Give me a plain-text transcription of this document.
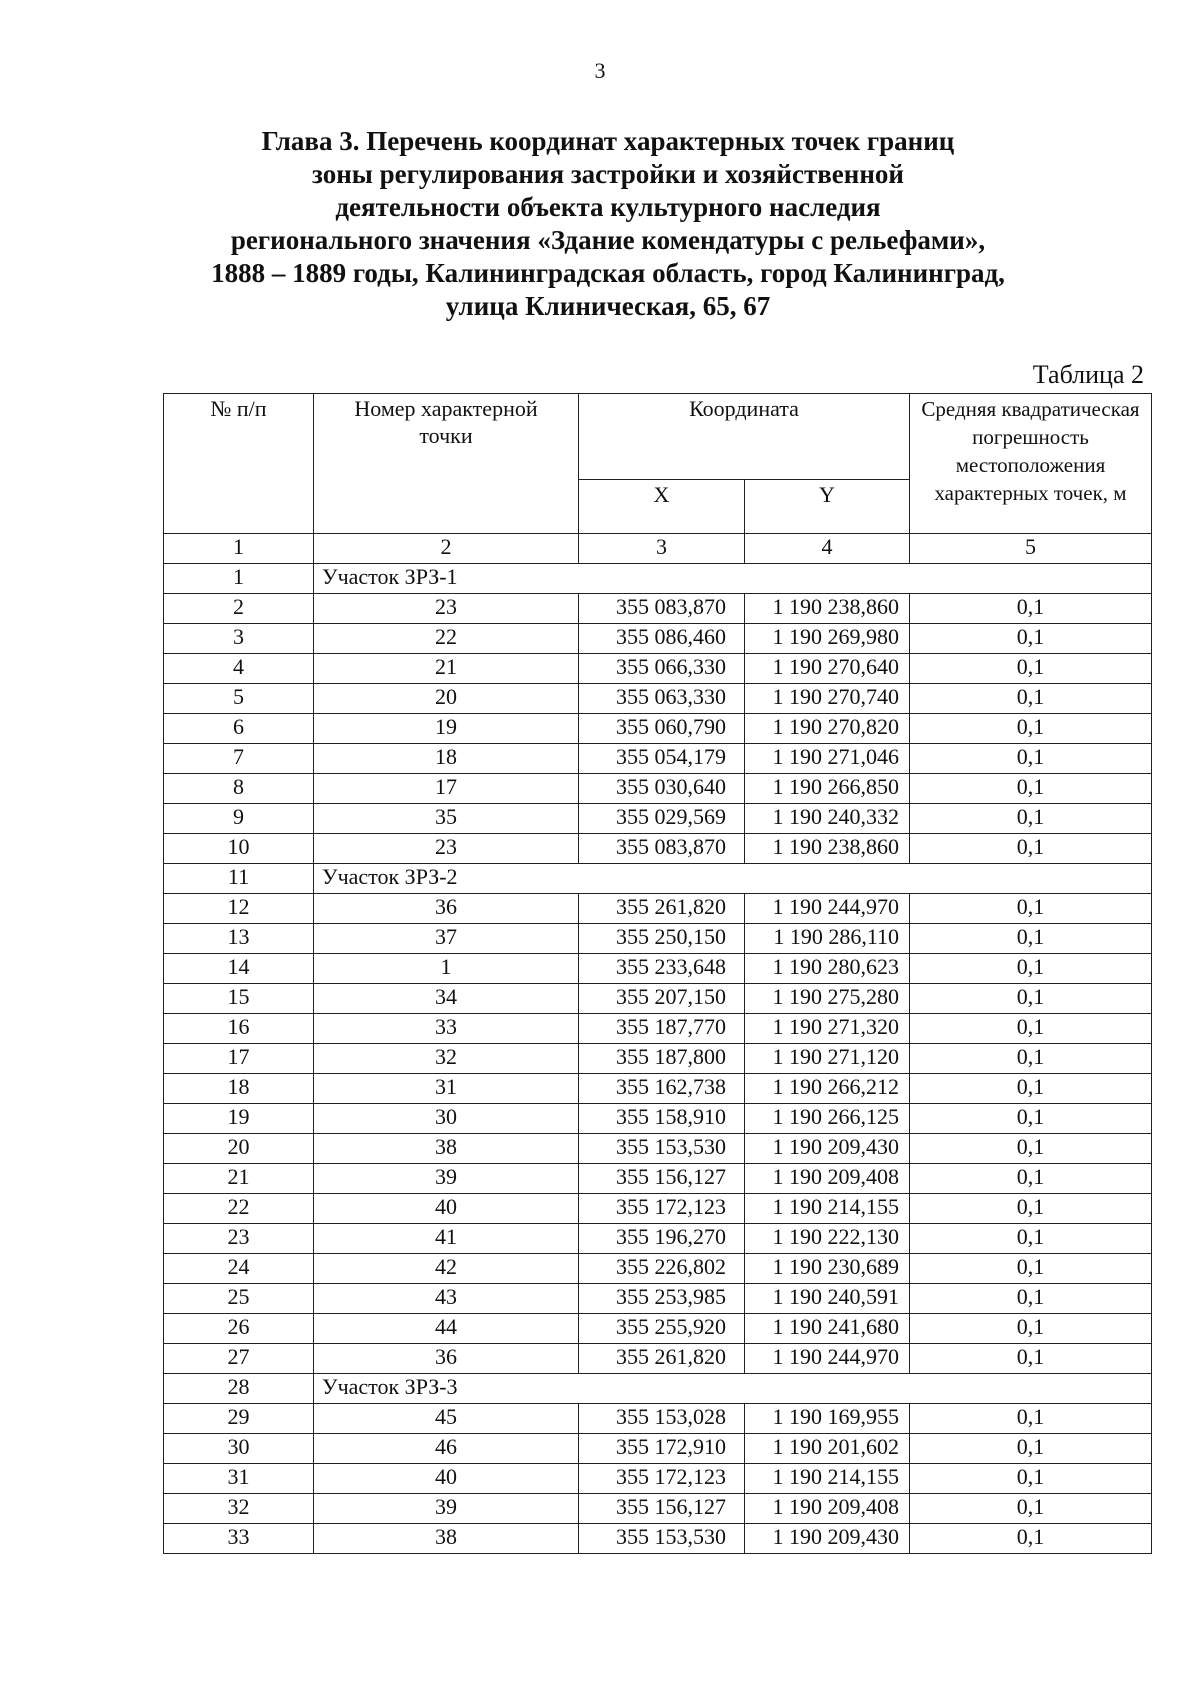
3
Глава 3. Перечень координат характерных точек границ
зоны регулирования застройки и хозяйственной
деятельности объекта культурного наследия
регионального значения «Здание комендатуры с рельефами»,
1888 – 1889 годы, Калининградская область, город Калининград,
улица Клиническая, 65, 67
Таблица 2
№ п/п	Номер характерной точки	Координата		Средняя квадратическая погрешность местоположения характерных точек, м
		X	Y	
1	2	3	4	5
1	Участок ЗРЗ-1			
2	23	355 083,870	1 190 238,860	0,1
3	22	355 086,460	1 190 269,980	0,1
4	21	355 066,330	1 190 270,640	0,1
5	20	355 063,330	1 190 270,740	0,1
6	19	355 060,790	1 190 270,820	0,1
7	18	355 054,179	1 190 271,046	0,1
8	17	355 030,640	1 190 266,850	0,1
9	35	355 029,569	1 190 240,332	0,1
10	23	355 083,870	1 190 238,860	0,1
11	Участок ЗРЗ-2			
12	36	355 261,820	1 190 244,970	0,1
13	37	355 250,150	1 190 286,110	0,1
14	1	355 233,648	1 190 280,623	0,1
15	34	355 207,150	1 190 275,280	0,1
16	33	355 187,770	1 190 271,320	0,1
17	32	355 187,800	1 190 271,120	0,1
18	31	355 162,738	1 190 266,212	0,1
19	30	355 158,910	1 190 266,125	0,1
20	38	355 153,530	1 190 209,430	0,1
21	39	355 156,127	1 190 209,408	0,1
22	40	355 172,123	1 190 214,155	0,1
23	41	355 196,270	1 190 222,130	0,1
24	42	355 226,802	1 190 230,689	0,1
25	43	355 253,985	1 190 240,591	0,1
26	44	355 255,920	1 190 241,680	0,1
27	36	355 261,820	1 190 244,970	0,1
28	Участок ЗРЗ-3			
29	45	355 153,028	1 190 169,955	0,1
30	46	355 172,910	1 190 201,602	0,1
31	40	355 172,123	1 190 214,155	0,1
32	39	355 156,127	1 190 209,408	0,1
33	38	355 153,530	1 190 209,430	0,1
